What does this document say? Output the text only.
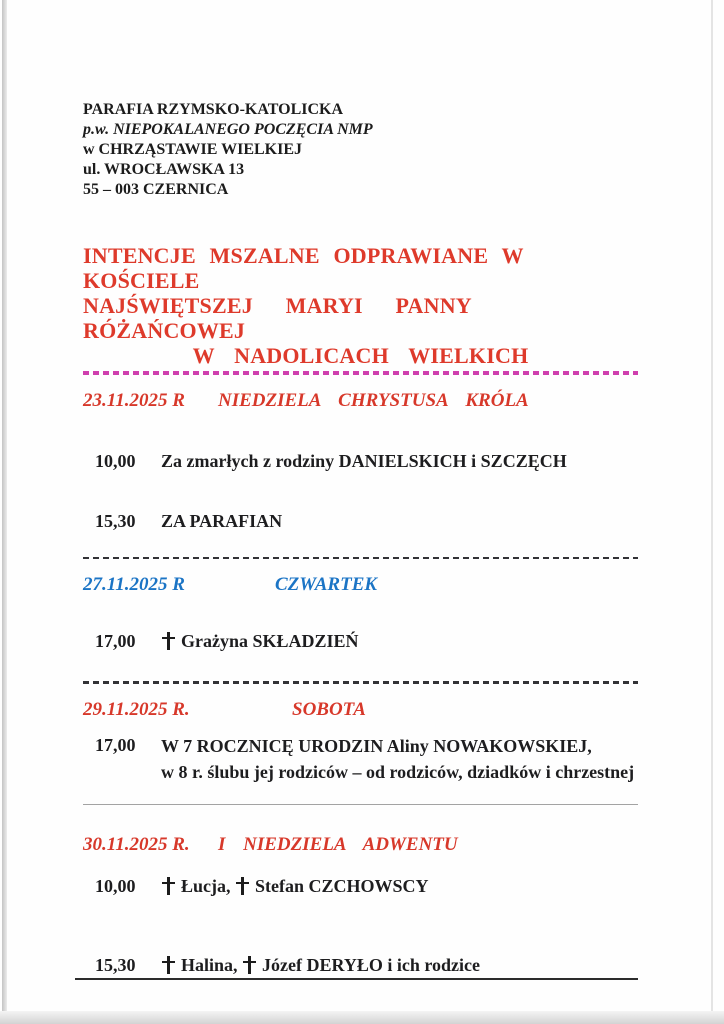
PARAFIA RZYMSKO-KATOLICKA
p.w. NIEPOKALANEGO POCZĘCIA NMP
w CHRZĄSTAWIE WIELKIEJ
ul. WROCŁAWSKA 13
55 – 003 CZERNICA
INTENCJE MSZALNE ODPRAWIANE W KOŚCIELE
NAJŚWIĘTSZEJ MARYI PANNY RÓŻAŃCOWEJ
W NADOLICACH WIELKICH
23.11.2025 R	NIEDZIELA CHRYSTUSA KRÓLA
10,00	Za zmarłych z rodziny DANIELSKICH i SZCZĘCH
15,30	ZA PARAFIAN
27.11.2025 R	CZWARTEK
17,00	Grażyna SKŁADZIEŃ
29.11.2025 R.	SOBOTA
17,00	W 7 ROCZNICĘ URODZIN Aliny NOWAKOWSKIEJ,
w 8 r. ślubu jej rodziców – od rodziców, dziadków i chrzestnej
30.11.2025 R.	I NIEDZIELA ADWENTU
10,00	Łucja, Stefan CZCHOWSCY
15,30	Halina, Józef DERYŁO i ich rodzice
